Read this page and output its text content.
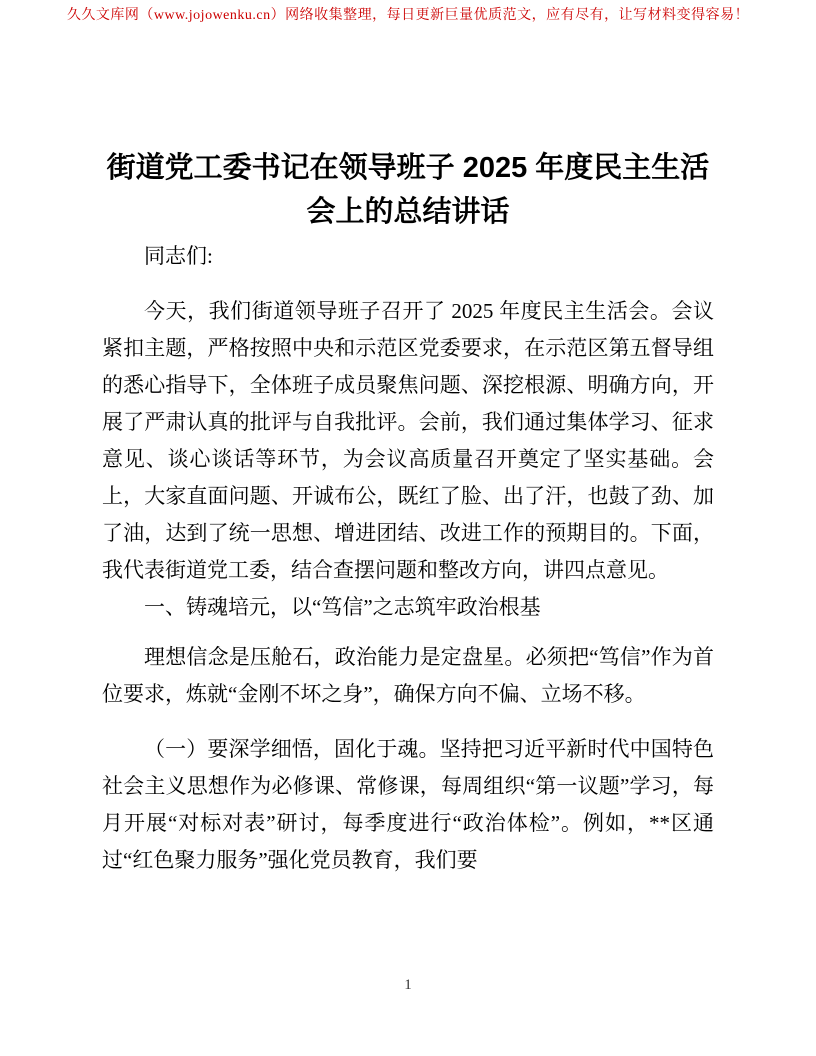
久久文库网（www.jojowenku.cn）网络收集整理，每日更新巨量优质范文，应有尽有，让写材料变得容易！
街道党工委书记在领导班子 2025 年度民主生活会上的总结讲话

同志们:

今天，我们街道领导班子召开了 2025 年度民主生活会。会议紧扣主题，严格按照中央和示范区党委要求，在示范区第五督导组的悉心指导下，全体班子成员聚焦问题、深挖根源、明确方向，开展了严肃认真的批评与自我批评。会前，我们通过集体学习、征求意见、谈心谈话等环节，为会议高质量召开奠定了坚实基础。会上，大家直面问题、开诚布公，既红了脸、出了汗，也鼓了劲、加了油，达到了统一思想、增进团结、改进工作的预期目的。下面，我代表街道党工委，结合查摆问题和整改方向，讲四点意见。

一、铸魂培元，以“笃信”之志筑牢政治根基

理想信念是压舱石，政治能力是定盘星。必须把“笃信”作为首位要求，炼就“金刚不坏之身”，确保方向不偏、立场不移。

（一）要深学细悟，固化于魂。坚持把习近平新时代中国特色社会主义思想作为必修课、常修课，每周组织“第一议题”学习，每月开展“对标对表”研讨，每季度进行“政治体检”。例如，**区通过“红色聚力服务”强化党员教育，我们要

1
